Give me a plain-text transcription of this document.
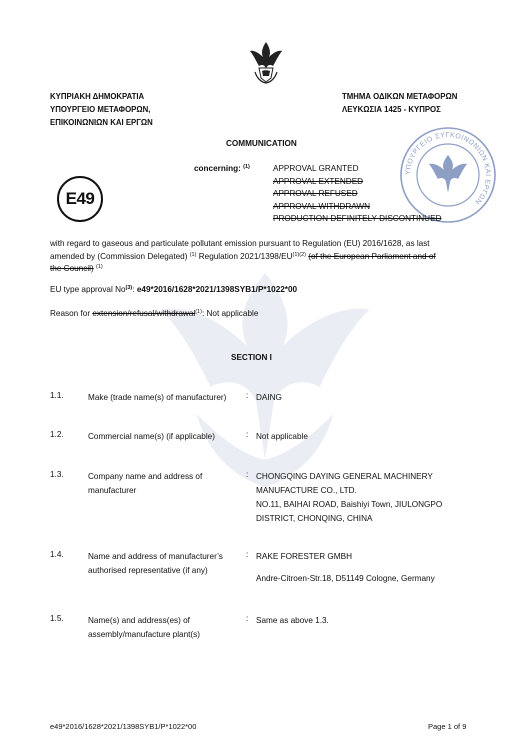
ΚΥΠΡΙΑΚΗ ΔΗΜΟΚΡΑΤΙΑ
ΥΠΟΥΡΓΕΙΟ ΜΕΤΑΦΟΡΩΝ,
ΕΠΙΚΟΙΝΩΝΙΩΝ ΚΑΙ ΕΡΓΩΝ
ΤΜΗΜΑ ΟΔΙΚΩΝ ΜΕΤΑΦΟΡΩΝ
ΛΕΥΚΩΣΙΑ 1425 - ΚΥΠΡΟΣ
COMMUNICATION
ΥΠΟΥΡΓΕΙΟ ΣΥΓΚΟΙΝΩΝΙΩΝ ΚΑΙ ΕΡΓΩΝ
concerning: $^{(1)}$	APPROVAL GRANTED
APPROVAL EXTENDED
APPROVAL REFUSED
APPROVAL WITHDRAWN
PRODUCTION DEFINITELY DISCONTINUED
E49
with regard to gaseous and particulate pollutant emission pursuant to Regulation (EU) 2016/1628, as last
amended by (Commission Delegated) $^{(1)}$ Regulation $2021/1398/EU^{(1)(2)}$ (of the European Parliament and of
the Council) $^{(1)}$
EU type approval No$^{(3)}$: e49*2016/1628*2021/1398SYB1/P*1022*00
Reason for extension/refusal/withdrawal$^{(1)}$: Not applicable
SECTION I
1.1.	Make (trade name(s) of manufacturer)	: DAING
1.2.	Commercial name(s) (if applicable)	: Not applicable
1.3.	Company name and address of manufacturer
: CHONGQING DAYING GENERAL MACHINERY
MANUFACTURE CO., LTD.
NO.11, BAIHAI ROAD, Baishiyi Town, JIULONGPO
DISTRICT, CHONQING, CHINA
1.4.	Name and address of manufacturer’s authorised representative (if any)
: RAKE FORESTER GMBH
Andre-Citroen-Str.18, D51149 Cologne, Germany
1.5.	Name(s) and address(es) of assembly/manufacture plant(s)
: Same as above 1.3.
e49*2016/1628*2021/1398SYB1/P*1022*00	Page 1 of 9
